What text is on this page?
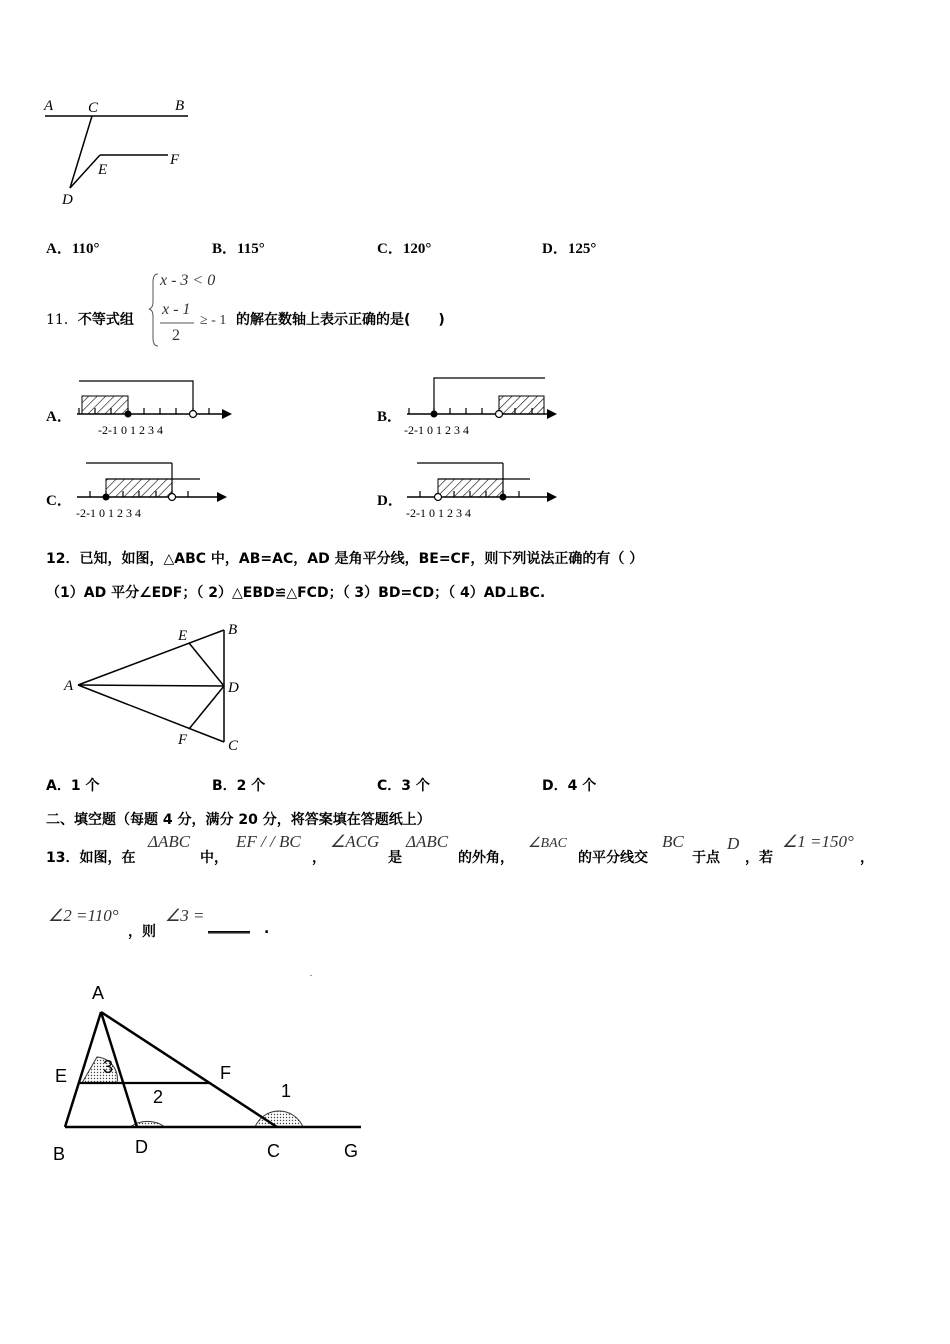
A C	B
F
E
D
A．110°	B．115°	C．120°	D．125°
11．不等式组
x - 3 < 0
x - 1
2
≥ - 1 的解在数轴上表示正确的是(　　)
A．
-2-1 0 1 2 3 4
B．
-2-1 0 1 2 3 4
C．
-2-1 0 1 2 3 4
D．
-2-1 0 1 2 3 4
12．已知，如图，△ABC 中，AB=AC，AD 是角平分线，BE=CF，则下列说法正确的有（ ）
（1）AD 平分∠EDF；（ 2）△EBD≌△FCD；（ 3）BD=CD；（ 4）AD⊥BC.
E	B
A	D
F	C
A．1 个	B．2 个	C．3 个	D．4 个
二、填空题（每题 4 分，满分 20 分，将答案填在答题纸上）
13．如图，在
ΔABC
中，
EF / / BC
，
∠ACG
是
ΔABC
的外角，
∠BAC
的平分线交
BC
于点
D
，若
∠1 =150°
，
∠2 =110°
，则
∠3 =
______ .
A
E	F
B	D	C	G
3
2	1
